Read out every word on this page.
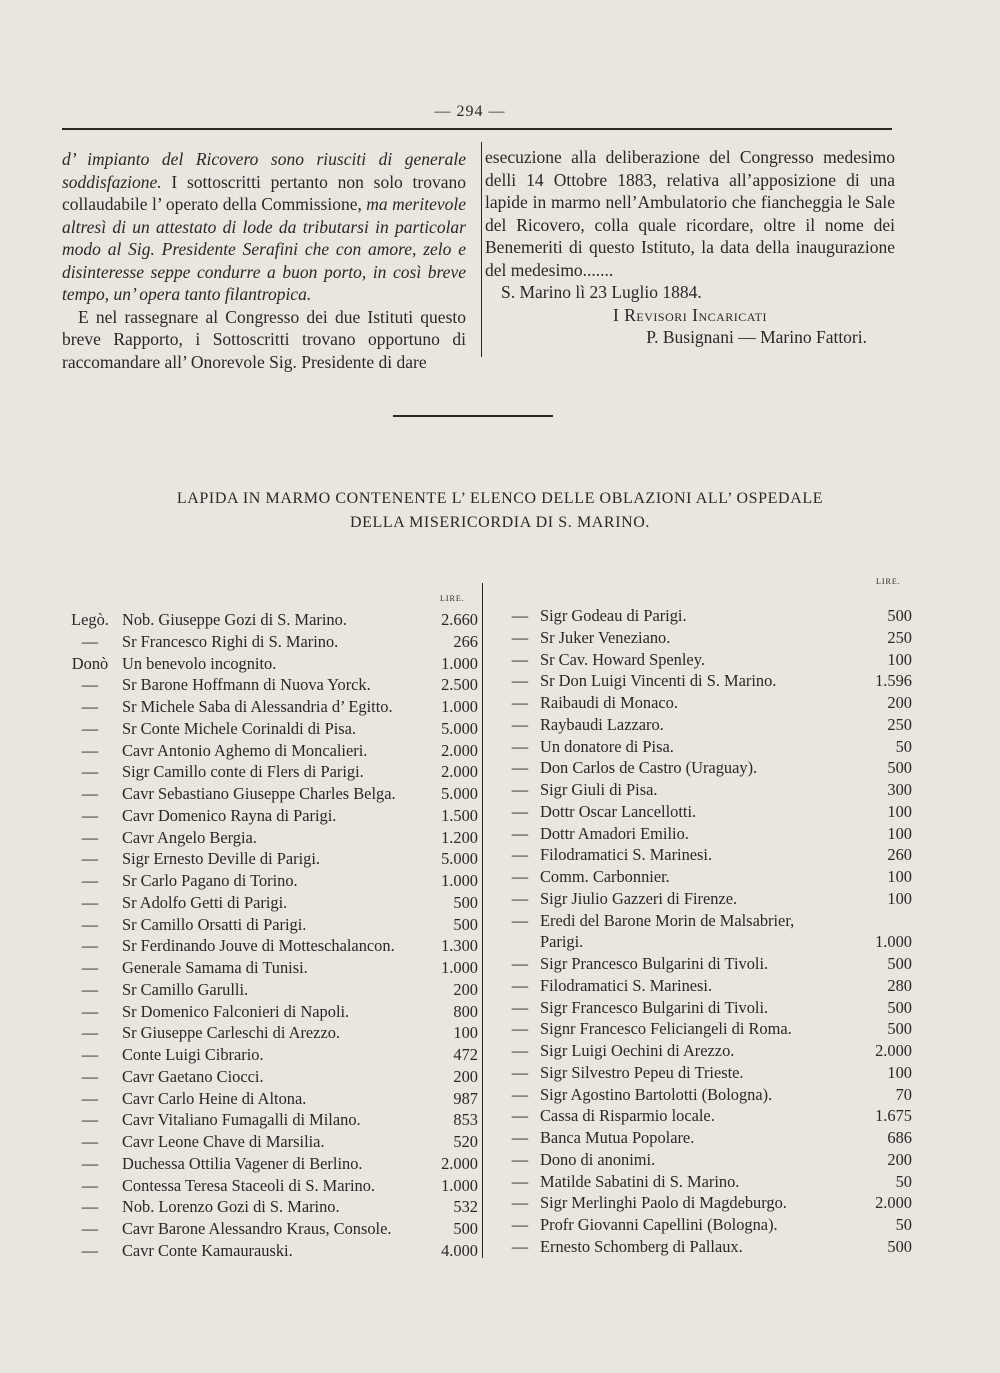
— 294 —

d’ impianto del Ricovero sono riusciti di generale soddisfazione. I sottoscritti pertanto non solo trovano collaudabile l’ operato della Commissione, ma meritevole altresì di un attestato di lode da tributarsi in particolar modo al Sig. Presidente Serafini che con amore, zelo e disinteresse seppe condurre a buon porto, in così breve tempo, un’ opera tanto filantropica.

E nel rassegnare al Congresso dei due Istituti questo breve Rapporto, i Sottoscritti trovano opportuno di raccomandare all’ Onorevole Sig. Presidente di dare

esecuzione alla deliberazione del Congresso medesimo delli 14 Ottobre 1883, relativa all’apposizione di una lapide in marmo nell’Ambulatorio che fiancheggia le Sale del Ricovero, colla quale ricordare, oltre il nome dei Benemeriti di questo Istituto, la data della inaugurazione del medesimo.......

S. Marino lì 23 Luglio 1884.

I Revisori Incaricati

P. Busignani — Marino Fattori.

LAPIDA IN MARMO CONTENENTE L’ ELENCO DELLE OBLAZIONI ALL’ OSPEDALE
DELLA MISERICORDIA DI S. MARINO.
LIRE.
LIRE.
Legò. Nob. Giuseppe Gozi di S. Marino.	2.660
—	Sr Francesco Righi di S. Marino.	266
Donò Un benevolo incognito.	1.000
—	Sr Barone Hoffmann di Nuova Yorck.	2.500
—	Sr Michele Saba di Alessandria d’ Egitto.	1.000
—	Sr Conte Michele Corinaldi di Pisa.	5.000
—	Cavr Antonio Aghemo di Moncalieri.	2.000
—	Sigr Camillo conte di Flers di Parigi.	2.000
—	Cavr Sebastiano Giuseppe Charles Belga.	5.000
—	Cavr Domenico Rayna di Parigi.	1.500
—	Cavr Angelo Bergia.	1.200
—	Sigr Ernesto Deville di Parigi.	5.000
—	Sr Carlo Pagano di Torino.	1.000
—	Sr Adolfo Getti di Parigi.	500
—	Sr Camillo Orsatti di Parigi.	500
—	Sr Ferdinando Jouve di Motteschalancon.	1.300
—	Generale Samama di Tunisi.	1.000
—	Sr Camillo Garulli.	200
—	Sr Domenico Falconieri di Napoli.	800
—	Sr Giuseppe Carleschi di Arezzo.	100
—	Conte Luigi Cibrario.	472
—	Cavr Gaetano Ciocci.	200
—	Cavr Carlo Heine di Altona.	987
—	Cavr Vitaliano Fumagalli di Milano.	853
—	Cavr Leone Chave di Marsilia.	520
—	Duchessa Ottilia Vagener di Berlino.	2.000
—	Contessa Teresa Staceoli di S. Marino.	1.000
—	Nob. Lorenzo Gozi di S. Marino.	532
—	Cavr Barone Alessandro Kraus, Console.	500
—	Cavr Conte Kamaurauski.	4.000
— Sigr Godeau di Parigi.	500
— Sr Juker Veneziano.	250
— Sr Cav. Howard Spenley.	100
— Sr Don Luigi Vincenti di S. Marino.	1.596
— Raibaudi di Monaco.	200
— Raybaudi Lazzaro.	250
— Un donatore di Pisa.	50
— Don Carlos de Castro (Uraguay).	500
— Sigr Giuli di Pisa.	300
— Dottr Oscar Lancellotti.	100
— Dottr Amadori Emilio.	100
— Filodramatici S. Marinesi.	260
— Comm. Carbonnier.	100
— Sigr Jiulio Gazzeri di Firenze.	100
— Eredi del Barone Morin de Malsabrier,
Parigi.	1.000
— Sigr Prancesco Bulgarini di Tivoli.	500
— Filodramatici S. Marinesi.	280
— Sigr Francesco Bulgarini di Tivoli.	500
— Signr Francesco Feliciangeli di Roma.	500
— Sigr Luigi Oechini di Arezzo.	2.000
— Sigr Silvestro Pepeu di Trieste.	100
— Sigr Agostino Bartolotti (Bologna).	70
— Cassa di Risparmio locale.	1.675
— Banca Mutua Popolare.	686
— Dono di anonimi.	200
— Matilde Sabatini di S. Marino.	50
— Sigr Merlinghi Paolo di Magdeburgo.	2.000
— Profr Giovanni Capellini (Bologna).	50
— Ernesto Schomberg di Pallaux.	500
